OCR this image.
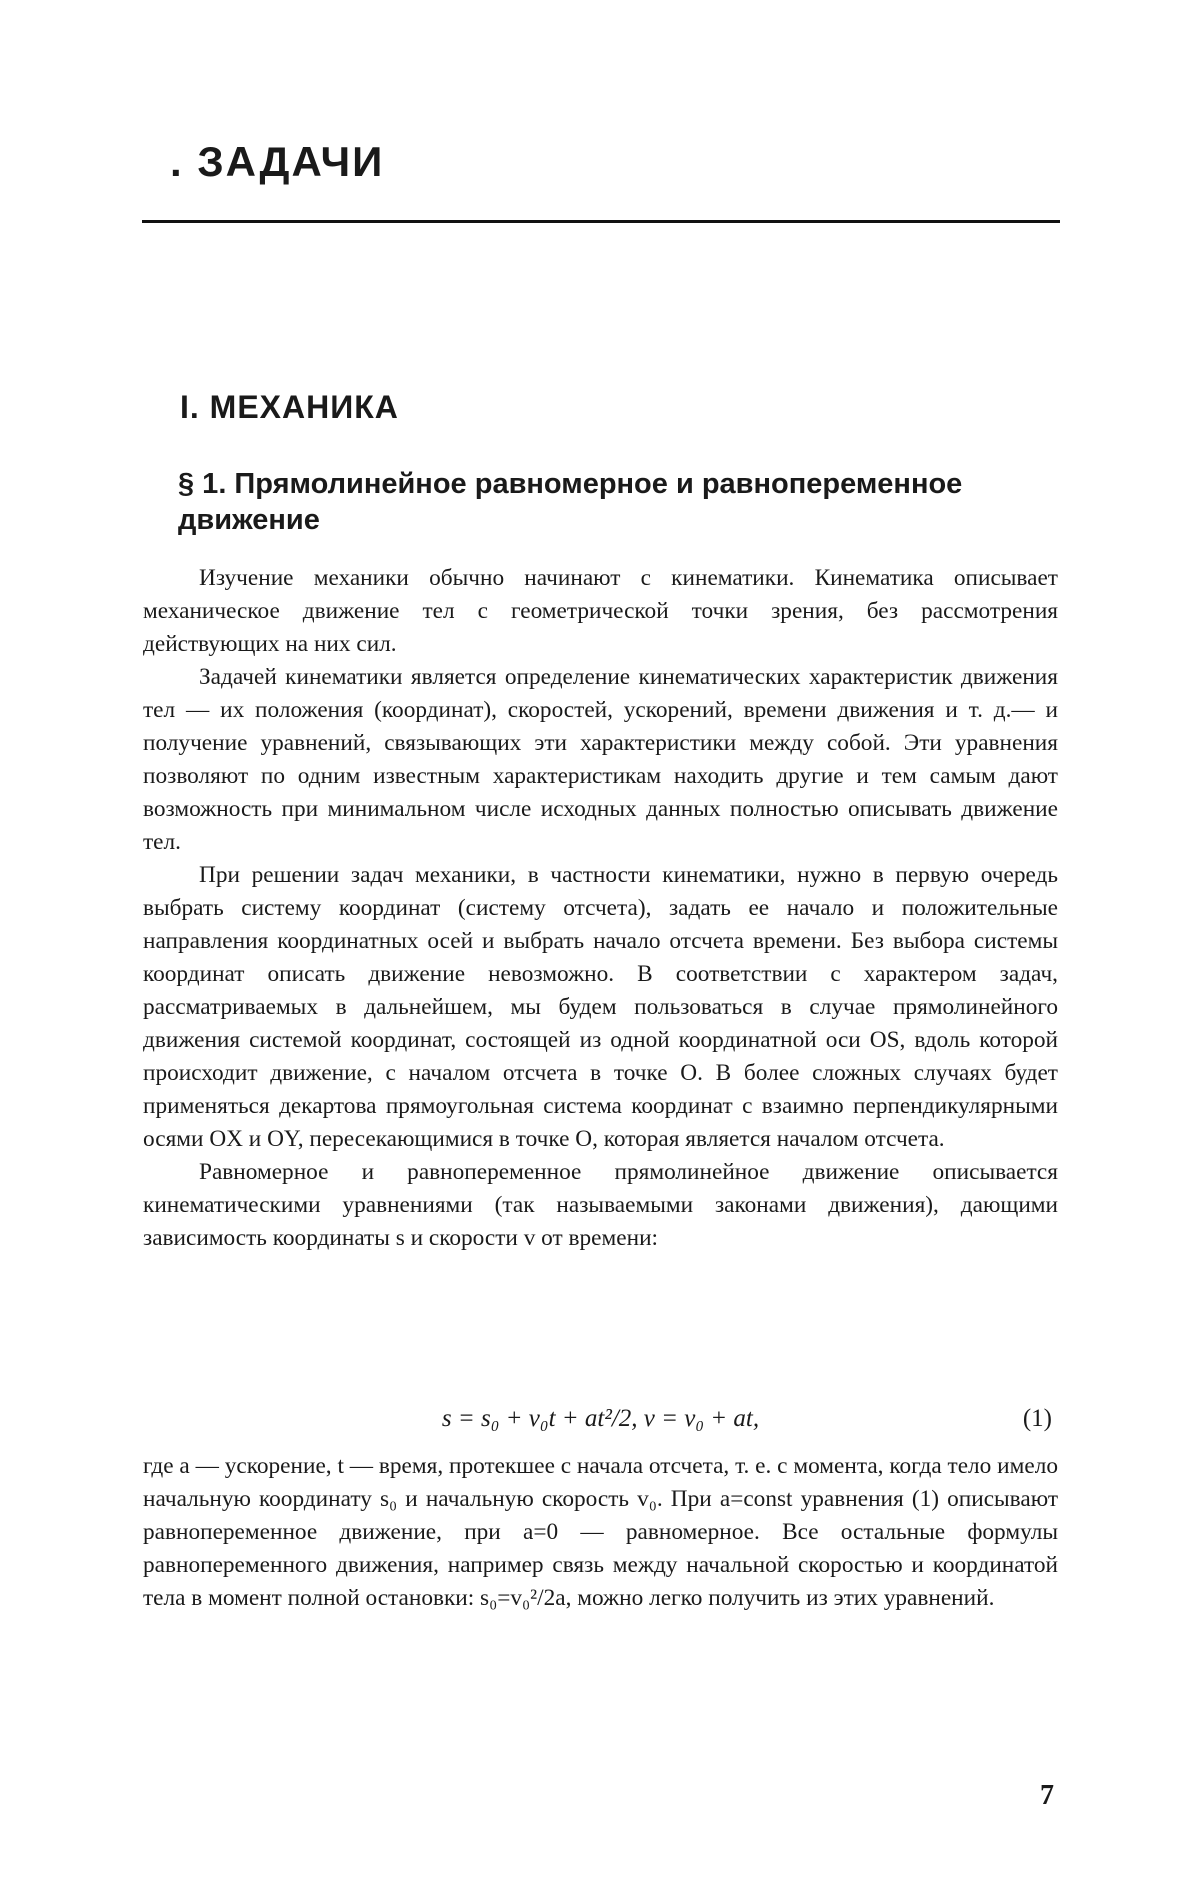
. ЗАДАЧИ
I. МЕХАНИКА
§ 1. Прямолинейное равномерное и равнопеременное движение

Изучение механики обычно начинают с кинематики. Кинематика описывает механическое движение тел с геометрической точки зрения, без рассмотрения действующих на них сил.

Задачей кинематики является определение кинематических характеристик движения тел — их положения (координат), скоростей, ускорений, времени движения и т. д.— и получение уравнений, связывающих эти характеристики между собой. Эти уравнения позволяют по одним известным характеристикам находить другие и тем самым дают возможность при минимальном числе исходных данных полностью описывать движение тел.

При решении задач механики, в частности кинематики, нужно в первую очередь выбрать систему координат (систему отсчета), задать ее начало и положительные направления координатных осей и выбрать начало отсчета времени. Без выбора системы координат описать движение невозможно. В соответствии с характером задач, рассматриваемых в дальнейшем, мы будем пользоваться в случае прямолинейного движения системой координат, состоящей из одной координатной оси OS, вдоль которой происходит движение, с началом отсчета в точке O. В более сложных случаях будет применяться декартова прямоугольная система координат с взаимно перпендикулярными осями OX и OY, пересекающимися в точке O, которая является началом отсчета.

Равномерное и равнопеременное прямолинейное движение описывается кинематическими уравнениями (так называемыми законами движения), дающими зависимость координаты s и скорости v от времени:

s = s₀ + v₀t + at²/2, v = v₀ + at,	(1)

где a — ускорение, t — время, протекшее с начала отсчета, т. е. с момента, когда тело имело начальную координату s₀ и начальную скорость v₀. При a=const уравнения (1) описывают равнопеременное движение, при a=0 — равномерное. Все остальные формулы равнопеременного движения, например связь между начальной скоростью и координатой тела в момент полной остановки: s₀=v₀²/2a, можно легко получить из этих уравнений.

7
